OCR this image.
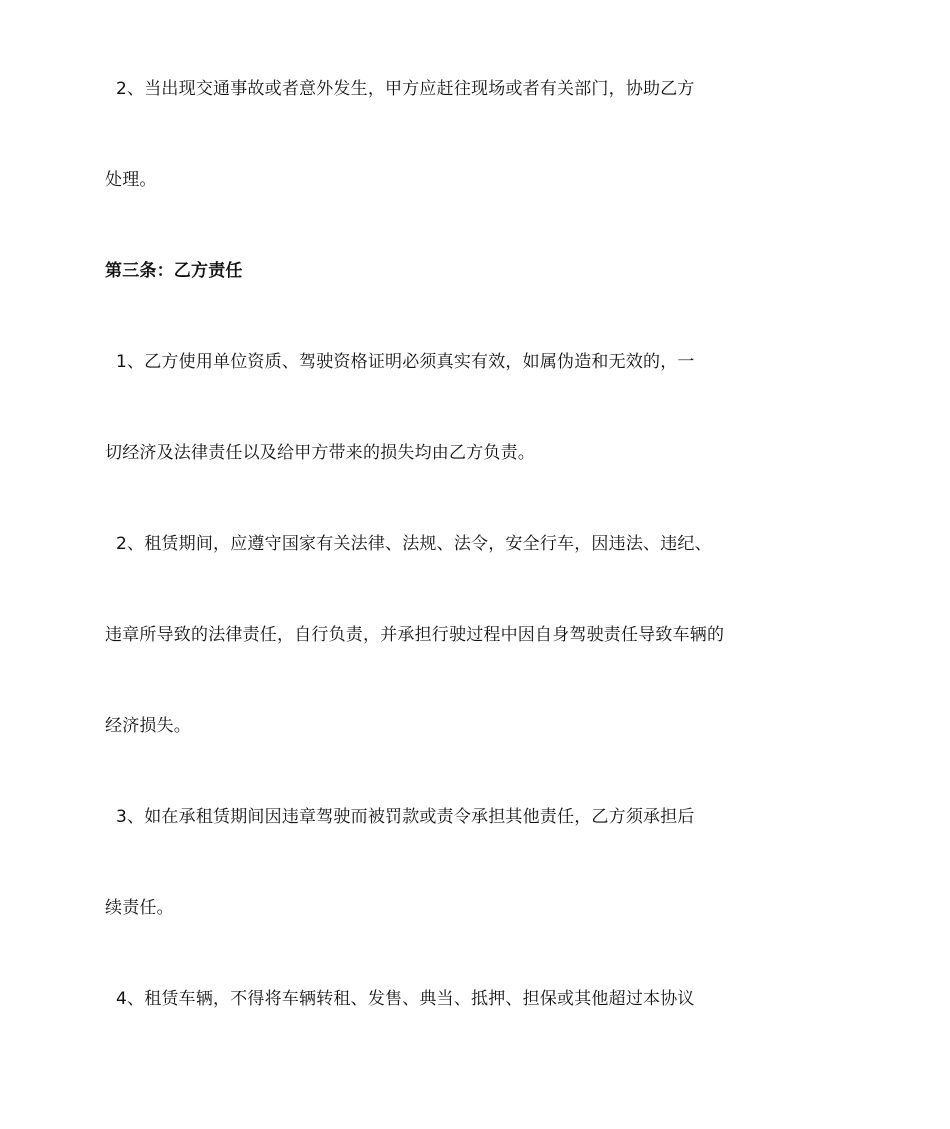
2、当出现交通事故或者意外发生，甲方应赶往现场或者有关部门，协助乙方
处理。
第三条：乙方责任
1、乙方使用单位资质、驾驶资格证明必须真实有效，如属伪造和无效的，一
切经济及法律责任以及给甲方带来的损失均由乙方负责。
2、租赁期间，应遵守国家有关法律、法规、法令，安全行车，因违法、违纪、
违章所导致的法律责任，自行负责，并承担行驶过程中因自身驾驶责任导致车辆的
经济损失。
3、如在承租赁期间因违章驾驶而被罚款或责令承担其他责任，乙方须承担后
续责任。
4、租赁车辆，不得将车辆转租、发售、典当、抵押、担保或其他超过本协议
